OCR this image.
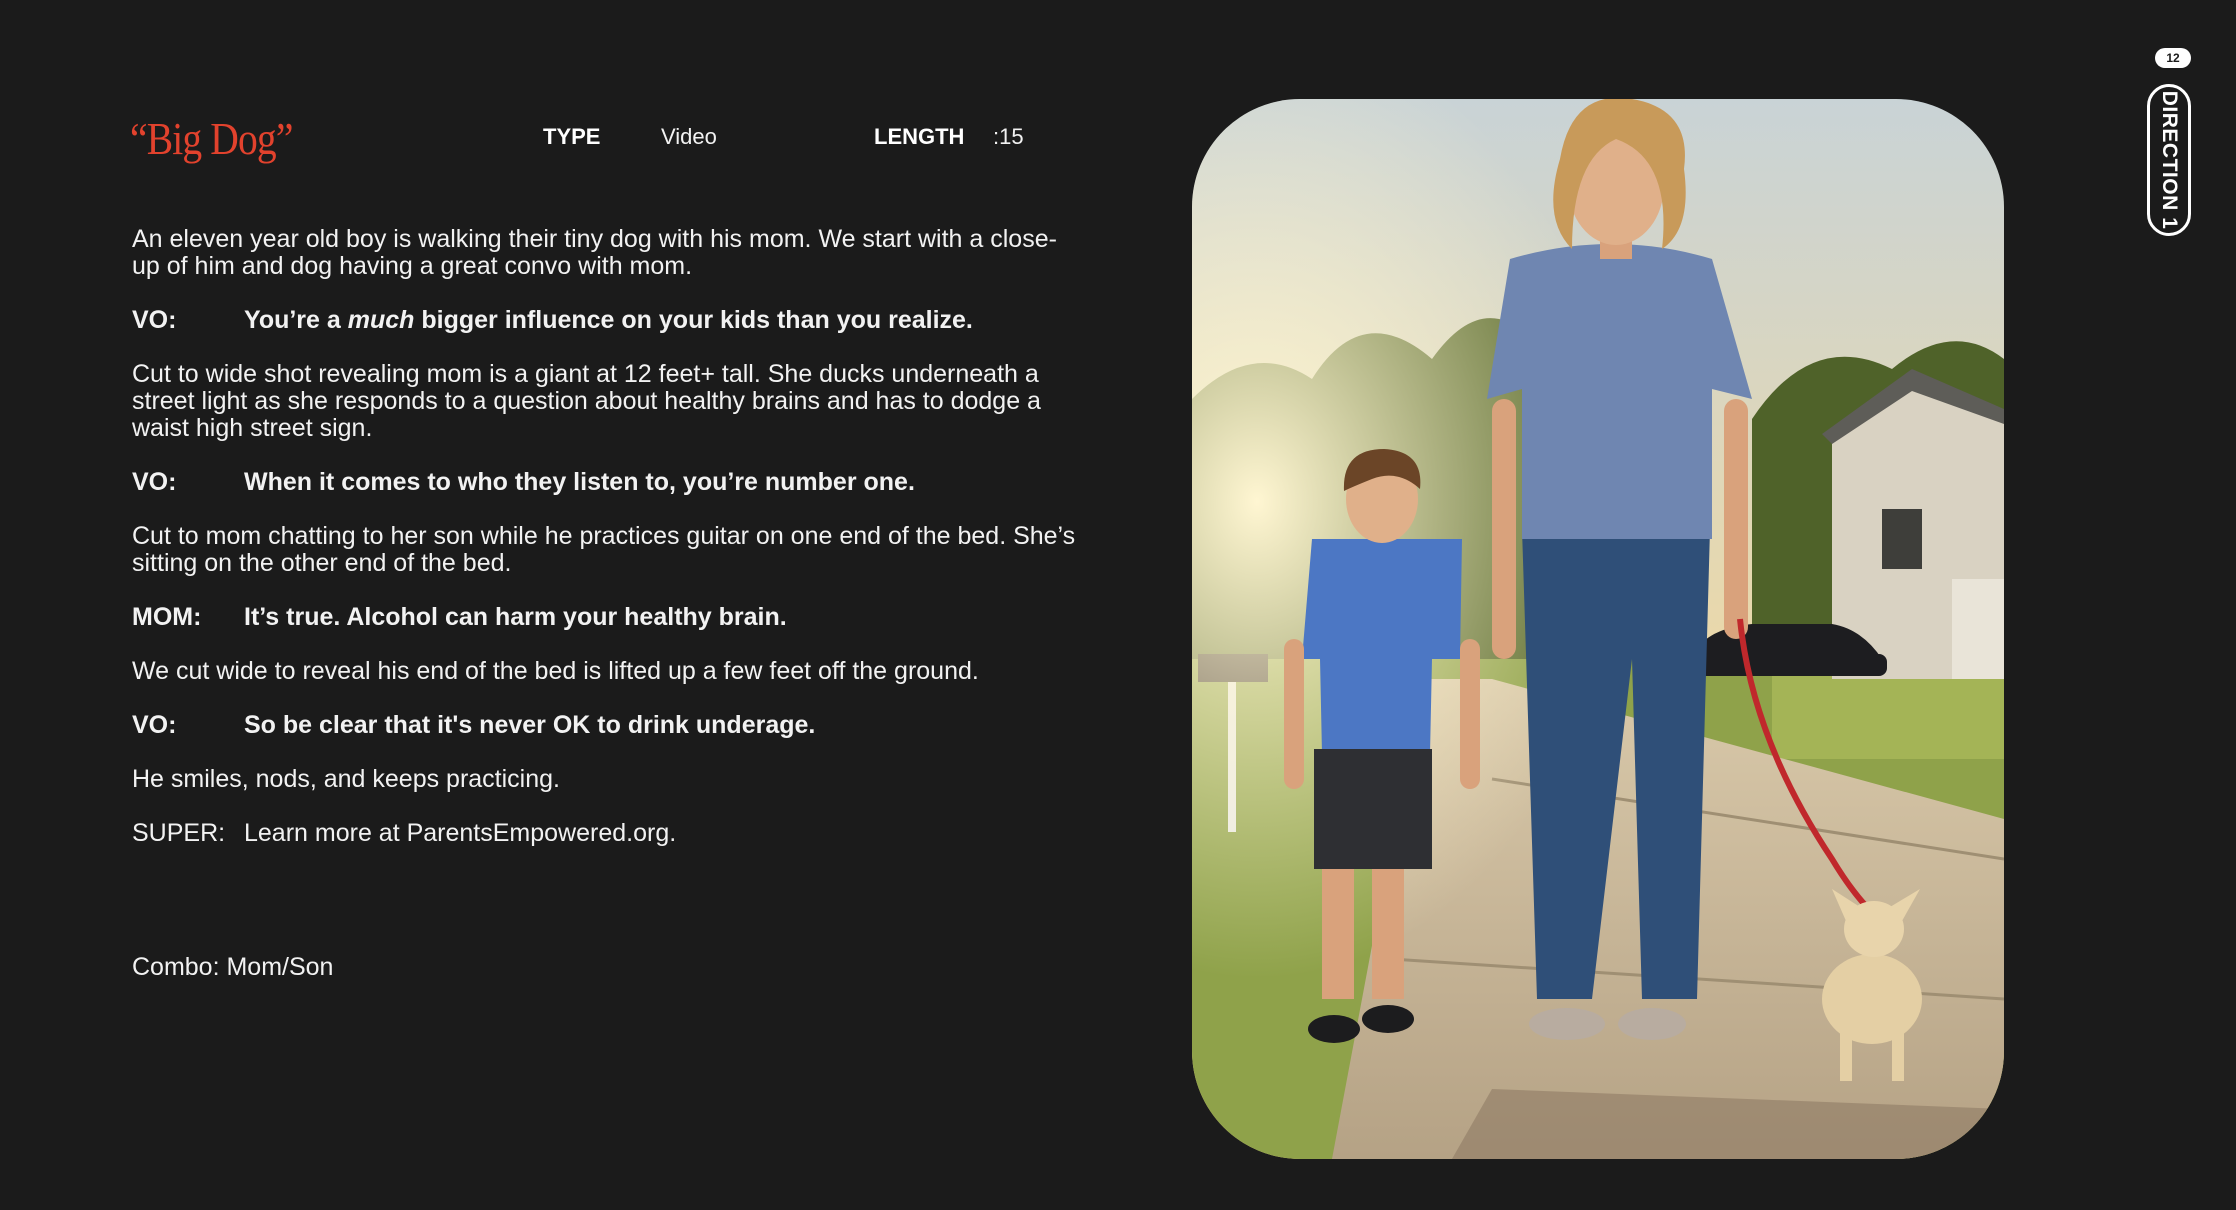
“Big Dog”	TYPE	Video	LENGTH :15

An eleven year old boy is walking their tiny dog with his mom. We start with a close-up of him and dog having a great convo with mom.

VO:	You’re a much bigger influence on your kids than you realize.

Cut to wide shot revealing mom is a giant at 12 feet+ tall. She ducks underneath a street light as she responds to a question about healthy brains and has to dodge a waist high street sign.

VO:	When it comes to who they listen to, you’re number one.

Cut to mom chatting to her son while he practices guitar on one end of the bed. She’s sitting on the other end of the bed.

MOM:	It’s true. Alcohol can harm your healthy brain.

We cut wide to reveal his end of the bed is lifted up a few feet off the ground.

VO:	So be clear that it's never OK to drink underage.

He smiles, nods, and keeps practicing.

SUPER: Learn more at ParentsEmpowered.org.

Combo: Mom/Son

12
DIRECTION 1
